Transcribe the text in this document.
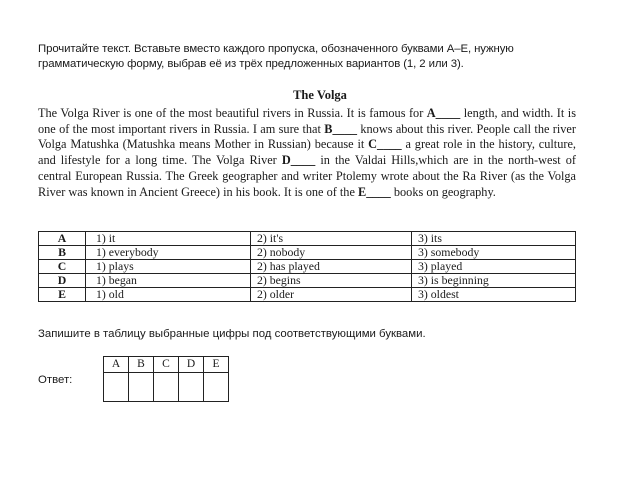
Прочитайте текст. Вставьте вместо каждого пропуска, обозначенного буквами А–Е, нужную грамматическую форму, выбрав её из трёх предложенных вариантов (1, 2 или 3).
The Volga
The Volga River is one of the most beautiful rivers in Russia. It is famous for A____ length, and width. It is one of the most important rivers in Russia. I am sure that B____ knows about this river. People call the river Volga Matushka (Matushka means Mother in Russian) because it C____ a great role in the history, culture, and lifestyle for a long time. The Volga River D____ in the Valdai Hills,which are in the north-west of central European Russia. The Greek geographer and writer Ptolemy wrote about the Ra River (as the Volga River was known in Ancient Greece) in his book. It is one of the E____ books on geography.
A	1) it	2) it's	3) its
B	1) everybody	2) nobody	3) somebody
C	1) plays	2) has played	3) played
D	1) began	2) begins	3) is beginning
E	1) old	2) older	3) oldest
Запишите в таблицу выбранные цифры под соответствующими буквами.
Ответ:
A	B	C	D	E
